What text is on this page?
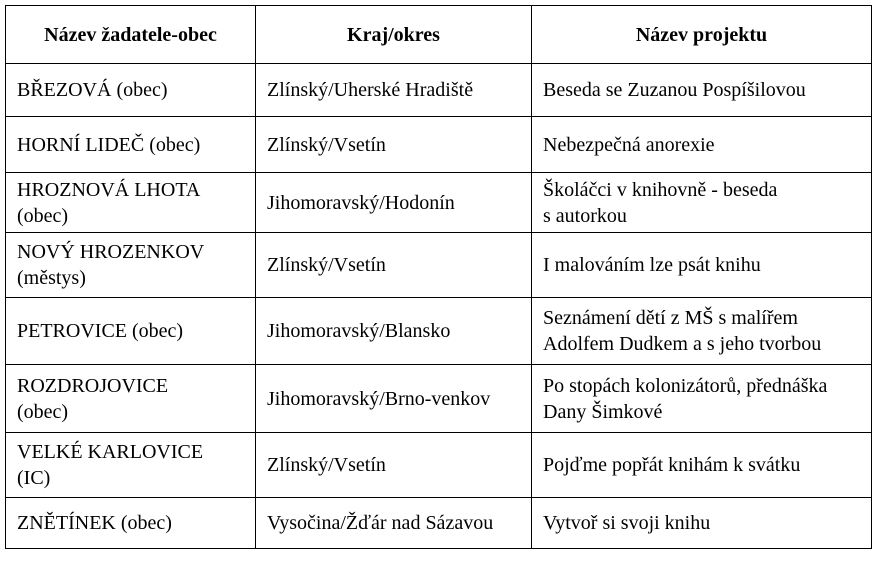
Název žadatele-obec	Kraj/okres	Název projektu

BŘEZOVÁ (obec)	Zlínský/Uherské Hradiště	Beseda se Zuzanou Pospíšilovou

HORNÍ LIDEČ (obec)	Zlínský/Vsetín	Nebezpečná anorexie

HROZNOVÁ LHOTA
(obec)	Jihomoravský/Hodonín	Školáčci v knihovně - beseda
s autorkou

NOVÝ HROZENKOV
(městys)	Zlínský/Vsetín	I malováním lze psát knihu

PETROVICE (obec)	Jihomoravský/Blansko	Seznámení dětí z MŠ s malířem
Adolfem Dudkem a s jeho tvorbou

ROZDROJOVICE
(obec)	Jihomoravský/Brno-venkov	Po stopách kolonizátorů, přednáška
Dany Šimkové

VELKÉ KARLOVICE
(IC)	Zlínský/Vsetín	Pojďme popřát knihám k svátku

ZNĚTÍNEK (obec)	Vysočina/Žďár nad Sázavou	Vytvoř si svoji knihu
